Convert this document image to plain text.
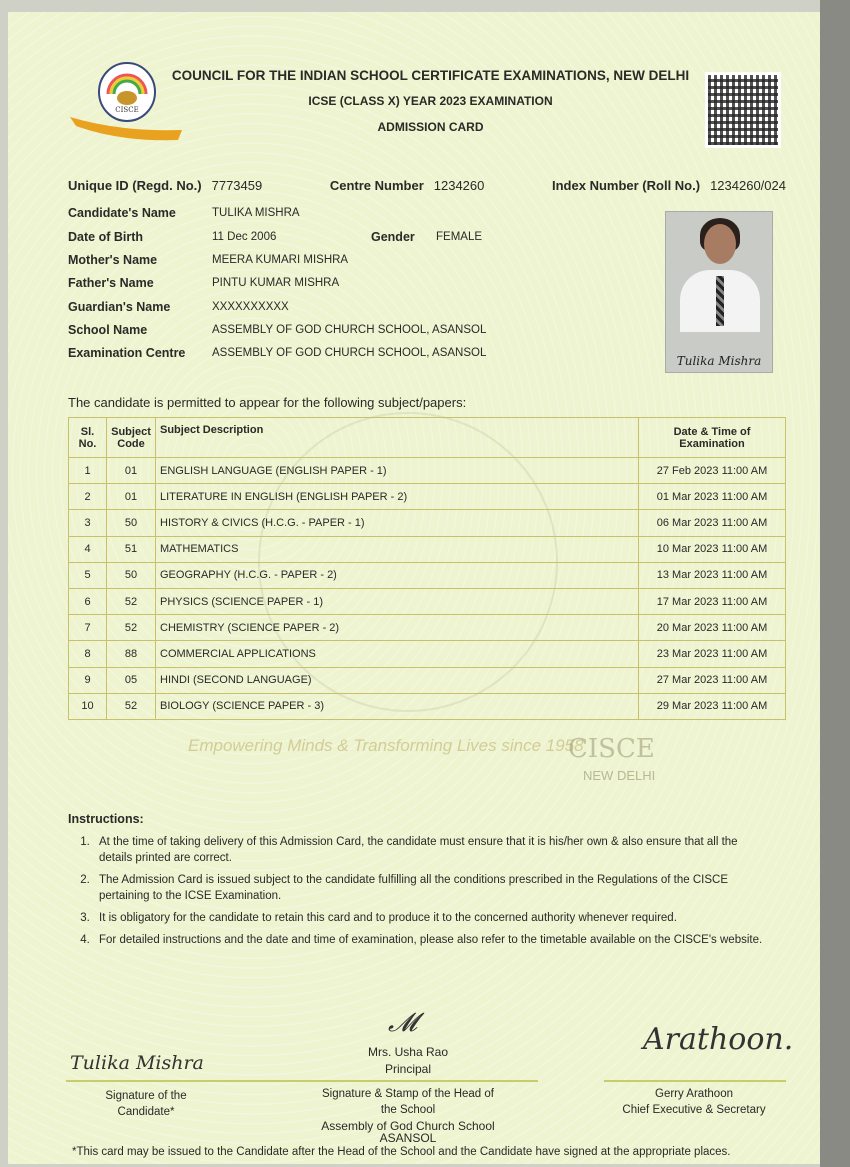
Empowering Minds & Transforming Lives since 1958
CISCE
NEW DELHI
CISCE
COUNCIL FOR THE INDIAN SCHOOL CERTIFICATE EXAMINATIONS, NEW DELHI
ICSE (CLASS X) YEAR 2023 EXAMINATION
ADMISSION CARD
Unique ID (Regd. No.) 7773459	Centre Number 1234260	Index Number (Roll No.) 1234260/024
Candidate's Name	TULIKA MISHRA
Date of Birth	11 Dec 2006	Gender FEMALE
Mother's Name	MEERA KUMARI MISHRA
Father's Name	PINTU KUMAR MISHRA
Guardian's Name	XXXXXXXXXX
School Name	ASSEMBLY OF GOD CHURCH SCHOOL, ASANSOL
Examination Centre ASSEMBLY OF GOD CHURCH SCHOOL, ASANSOL
Tulika Mishra
The candidate is permitted to appear for the following subject/papers:
Sl. No.	Subject Code	Subject Description	Date & Time of Examination
1	01	ENGLISH LANGUAGE (ENGLISH PAPER - 1)	27 Feb 2023 11:00 AM
2	01	LITERATURE IN ENGLISH (ENGLISH PAPER - 2)	01 Mar 2023 11:00 AM
3	50	HISTORY & CIVICS (H.C.G. - PAPER - 1)	06 Mar 2023 11:00 AM
4	51	MATHEMATICS	10 Mar 2023 11:00 AM
5	50	GEOGRAPHY (H.C.G. - PAPER - 2)	13 Mar 2023 11:00 AM
6	52	PHYSICS (SCIENCE PAPER - 1)	17 Mar 2023 11:00 AM
7	52	CHEMISTRY (SCIENCE PAPER - 2)	20 Mar 2023 11:00 AM
8	88	COMMERCIAL APPLICATIONS	23 Mar 2023 11:00 AM
9	05	HINDI (SECOND LANGUAGE)	27 Mar 2023 11:00 AM
10	52	BIOLOGY (SCIENCE PAPER - 3)	29 Mar 2023 11:00 AM
Instructions:
1. At the time of taking delivery of this Admission Card, the candidate must ensure that it is his/her own & also ensure that all the details printed are correct.
2. The Admission Card is issued subject to the candidate fulfilling all the conditions prescribed in the Regulations of the CISCE pertaining to the ICSE Examination.
3. It is obligatory for the candidate to retain this card and to produce it to the concerned authority whenever required.
4. For detailed instructions and the date and time of examination, please also refer to the timetable available on the CISCE's website.
Tulika Mishra
Signature of the
Candidate*
𝓜
Mrs. Usha Rao
Principal
Signature & Stamp of the Head of
the School
Assembly of God Church School
ASANSOL
Arathoon.
Gerry Arathoon
Chief Executive & Secretary
*This card may be issued to the Candidate after the Head of the School and the Candidate have signed at the appropriate places.
